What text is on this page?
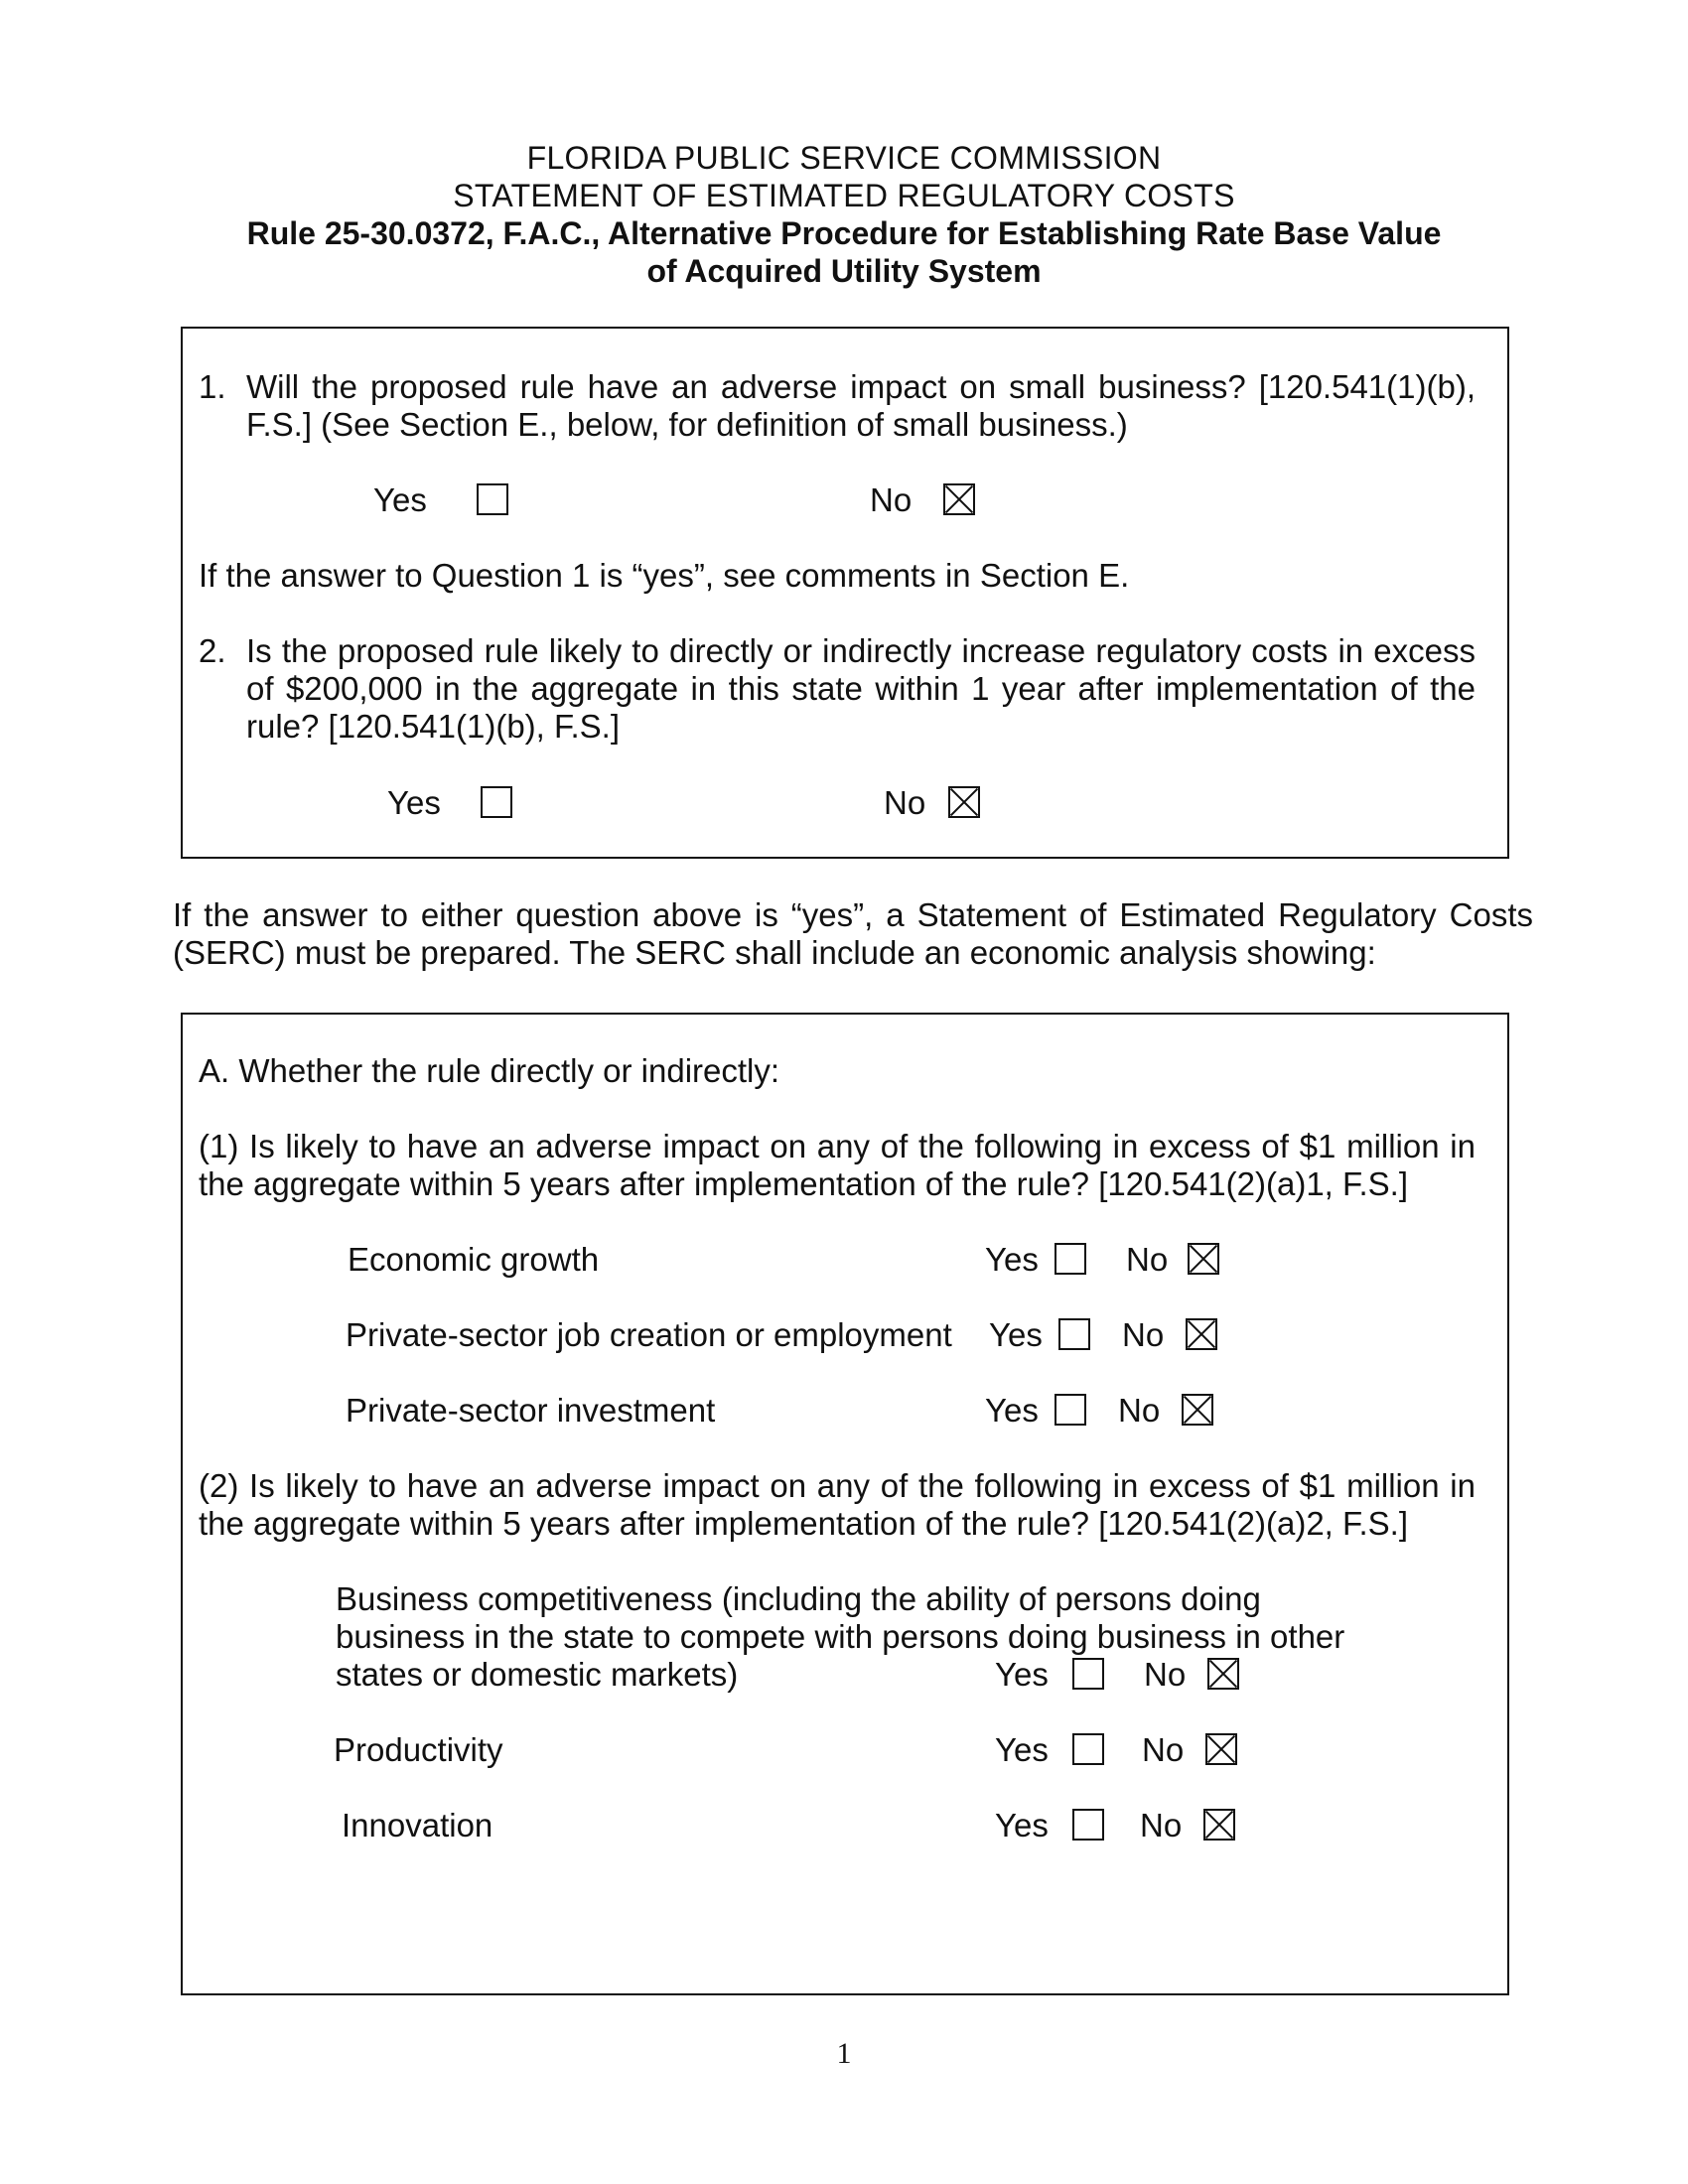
FLORIDA PUBLIC SERVICE COMMISSION
STATEMENT OF ESTIMATED REGULATORY COSTS
Rule 25-30.0372, F.A.C., Alternative Procedure for Establishing Rate Base Value
of Acquired Utility System
1. Will the proposed rule have an adverse impact on small business? [120.541(1)(b),
F.S.] (See Section E., below, for definition of small business.)
Yes	No
If the answer to Question 1 is “yes”, see comments in Section E.
2. Is the proposed rule likely to directly or indirectly increase regulatory costs in excess
of $200,000 in the aggregate in this state within 1 year after implementation of the
rule? [120.541(1)(b), F.S.]
Yes	No
If the answer to either question above is “yes”, a Statement of Estimated Regulatory Costs
(SERC) must be prepared. The SERC shall include an economic analysis showing:
A. Whether the rule directly or indirectly:
(1) Is likely to have an adverse impact on any of the following in excess of $1 million in
the aggregate within 5 years after implementation of the rule? [120.541(2)(a)1, F.S.]
Economic growth	Yes	No
Private-sector job creation or employment Yes No
Private-sector investment	Yes No
(2) Is likely to have an adverse impact on any of the following in excess of $1 million in
the aggregate within 5 years after implementation of the rule? [120.541(2)(a)2, F.S.]
Business competitiveness (including the ability of persons doing
business in the state to compete with persons doing business in other
states or domestic markets)	Yes	No
Productivity	Yes	No
Innovation	Yes	No
1
